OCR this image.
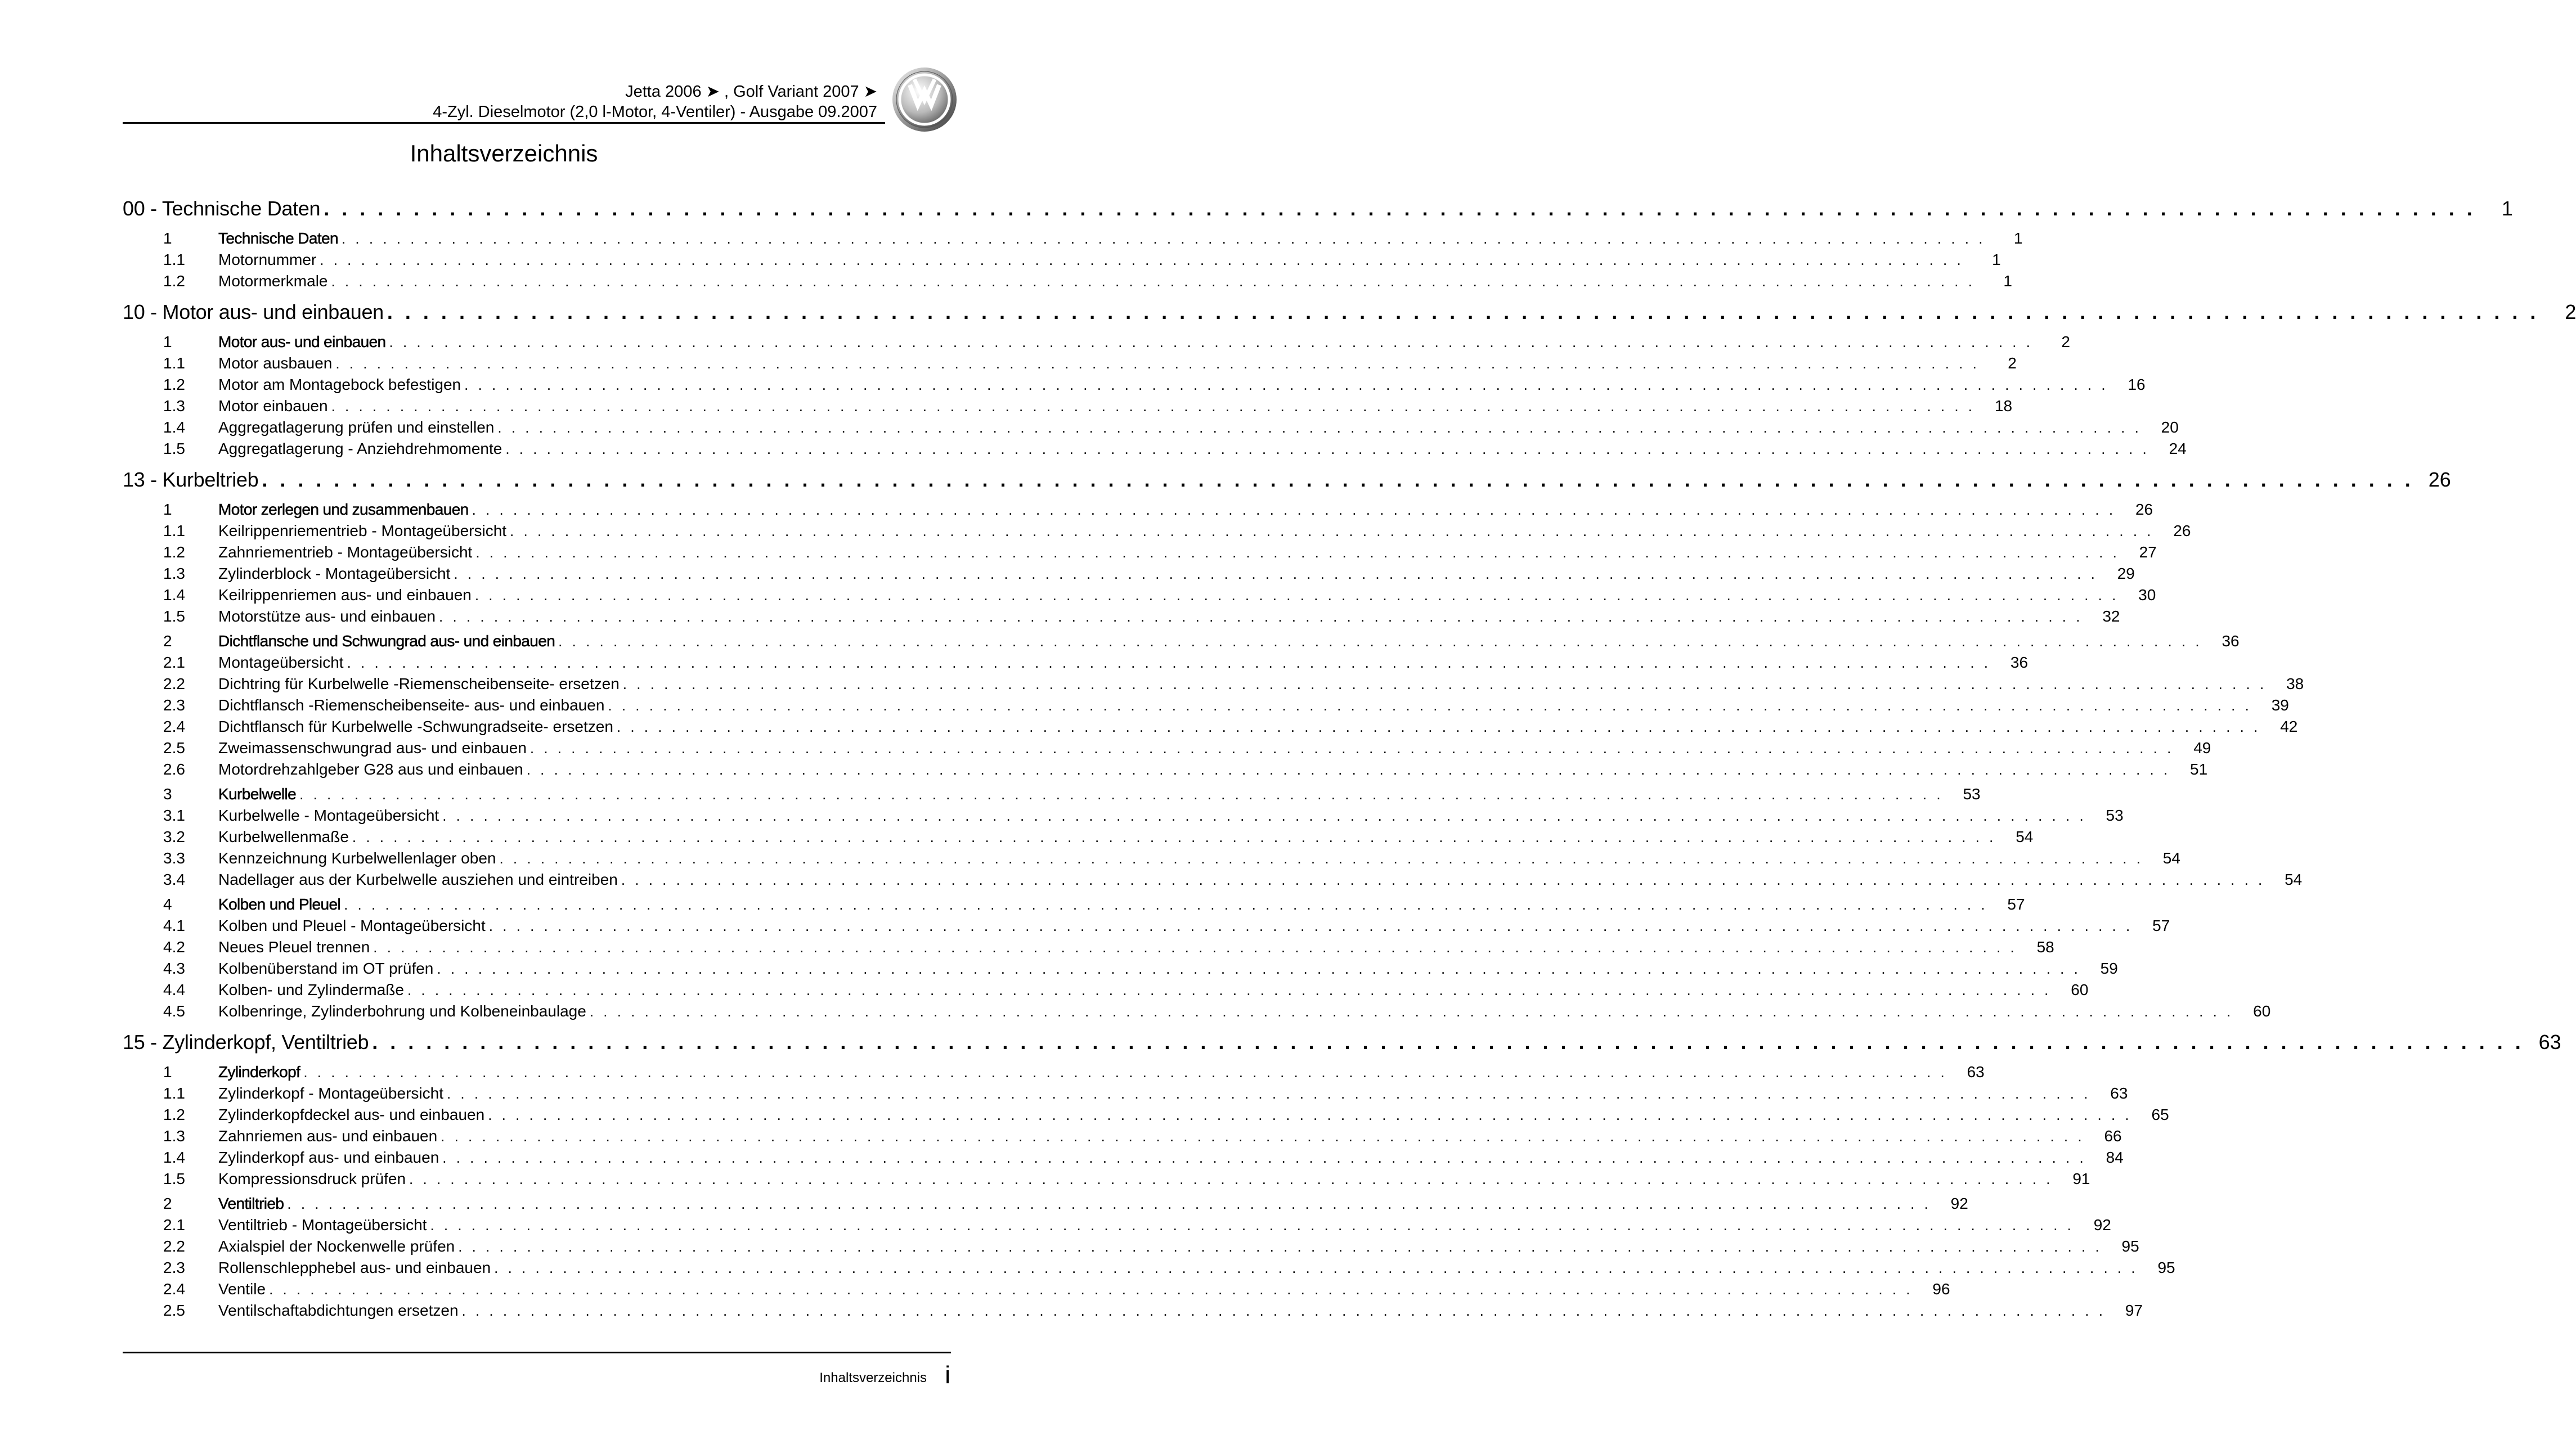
Jetta 2006 ➤ , Golf Variant 2007 ➤
4-Zyl. Dieselmotor (2,0 l-Motor, 4-Ventiler) - Ausgabe 09.2007
Inhaltsverzeichnis
00 - Technische Daten . . . . . . . . . . . . . . . . . . . . . . . . . . . . . . . . . . . . . . . . . . . . . . . . . . . . . . . . . . . . . . . . . . . . . . . . . . . . . . . . . . . . . . . . . . . . . . . . . . . . . . . . . . . . . . . . . . . . . . . .	1
1	Technische Daten . . . . . . . . . . . . . . . . . . . . . . . . . . . . . . . . . . . . . . . . . . . . . . . . . . . . . . . . . . . . . . . . . . . . . . . . . . . . . . . . . . . . . . . . . . . . . . . . . . . . . . . . . . . . . . . . . . . . . . . .	1
1.1	Motornummer . . . . . . . . . . . . . . . . . . . . . . . . . . . . . . . . . . . . . . . . . . . . . . . . . . . . . . . . . . . . . . . . . . . . . . . . . . . . . . . . . . . . . . . . . . . . . . . . . . . . . . . . . . . . . . . . . . . . . . . .	1
1.2	Motormerkmale . . . . . . . . . . . . . . . . . . . . . . . . . . . . . . . . . . . . . . . . . . . . . . . . . . . . . . . . . . . . . . . . . . . . . . . . . . . . . . . . . . . . . . . . . . . . . . . . . . . . . . . . . . . . . . . . . . . . . . . .	1
10 - Motor aus- und einbauen . . . . . . . . . . . . . . . . . . . . . . . . . . . . . . . . . . . . . . . . . . . . . . . . . . . . . . . . . . . . . . . . . . . . . . . . . . . . . . . . . . . . . . . . . . . . . . . . . . . . . . . . . . . . . . . . . . . . . . . .	2
1	Motor aus- und einbauen . . . . . . . . . . . . . . . . . . . . . . . . . . . . . . . . . . . . . . . . . . . . . . . . . . . . . . . . . . . . . . . . . . . . . . . . . . . . . . . . . . . . . . . . . . . . . . . . . . . . . . . . . . . . . . . . . . . . . . . .	2
1.1	Motor ausbauen . . . . . . . . . . . . . . . . . . . . . . . . . . . . . . . . . . . . . . . . . . . . . . . . . . . . . . . . . . . . . . . . . . . . . . . . . . . . . . . . . . . . . . . . . . . . . . . . . . . . . . . . . . . . . . . . . . . . . . . .	2
1.2	Motor am Montagebock befestigen . . . . . . . . . . . . . . . . . . . . . . . . . . . . . . . . . . . . . . . . . . . . . . . . . . . . . . . . . . . . . . . . . . . . . . . . . . . . . . . . . . . . . . . . . . . . . . . . . . . . . . . . . . . . . . . . . . . . . . . .	16
1.3	Motor einbauen . . . . . . . . . . . . . . . . . . . . . . . . . . . . . . . . . . . . . . . . . . . . . . . . . . . . . . . . . . . . . . . . . . . . . . . . . . . . . . . . . . . . . . . . . . . . . . . . . . . . . . . . . . . . . . . . . . . . . . . .	18
1.4	Aggregatlagerung prüfen und einstellen . . . . . . . . . . . . . . . . . . . . . . . . . . . . . . . . . . . . . . . . . . . . . . . . . . . . . . . . . . . . . . . . . . . . . . . . . . . . . . . . . . . . . . . . . . . . . . . . . . . . . . . . . . . . . . . . . . . . . . . .	20
1.5	Aggregatlagerung - Anziehdrehmomente . . . . . . . . . . . . . . . . . . . . . . . . . . . . . . . . . . . . . . . . . . . . . . . . . . . . . . . . . . . . . . . . . . . . . . . . . . . . . . . . . . . . . . . . . . . . . . . . . . . . . . . . . . . . . . . . . . . . . . . .	24
13 - Kurbeltrieb . . . . . . . . . . . . . . . . . . . . . . . . . . . . . . . . . . . . . . . . . . . . . . . . . . . . . . . . . . . . . . . . . . . . . . . . . . . . . . . . . . . . . . . . . . . . . . . . . . . . . . . . . . . . . . . . . . . . . . . . 26
1	Motor zerlegen und zusammenbauen . . . . . . . . . . . . . . . . . . . . . . . . . . . . . . . . . . . . . . . . . . . . . . . . . . . . . . . . . . . . . . . . . . . . . . . . . . . . . . . . . . . . . . . . . . . . . . . . . . . . . . . . . . . . . . . . . . . . . . . .	26
1.1	Keilrippenriementrieb - Montageübersicht . . . . . . . . . . . . . . . . . . . . . . . . . . . . . . . . . . . . . . . . . . . . . . . . . . . . . . . . . . . . . . . . . . . . . . . . . . . . . . . . . . . . . . . . . . . . . . . . . . . . . . . . . . . . . . . . . . . . . . . .	26
1.2	Zahnriementrieb - Montageübersicht . . . . . . . . . . . . . . . . . . . . . . . . . . . . . . . . . . . . . . . . . . . . . . . . . . . . . . . . . . . . . . . . . . . . . . . . . . . . . . . . . . . . . . . . . . . . . . . . . . . . . . . . . . . . . . . . . . . . . . . .	27
1.3	Zylinderblock - Montageübersicht . . . . . . . . . . . . . . . . . . . . . . . . . . . . . . . . . . . . . . . . . . . . . . . . . . . . . . . . . . . . . . . . . . . . . . . . . . . . . . . . . . . . . . . . . . . . . . . . . . . . . . . . . . . . . . . . . . . . . . . .	29
1.4	Keilrippenriemen aus- und einbauen . . . . . . . . . . . . . . . . . . . . . . . . . . . . . . . . . . . . . . . . . . . . . . . . . . . . . . . . . . . . . . . . . . . . . . . . . . . . . . . . . . . . . . . . . . . . . . . . . . . . . . . . . . . . . . . . . . . . . . . .	30
1.5	Motorstütze aus- und einbauen . . . . . . . . . . . . . . . . . . . . . . . . . . . . . . . . . . . . . . . . . . . . . . . . . . . . . . . . . . . . . . . . . . . . . . . . . . . . . . . . . . . . . . . . . . . . . . . . . . . . . . . . . . . . . . . . . . . . . . . .	32
2	Dichtflansche und Schwungrad aus- und einbauen . . . . . . . . . . . . . . . . . . . . . . . . . . . . . . . . . . . . . . . . . . . . . . . . . . . . . . . . . . . . . . . . . . . . . . . . . . . . . . . . . . . . . . . . . . . . . . . . . . . . . . . . . . . . . . . . . . . . . . . .	36
2.1	Montageübersicht . . . . . . . . . . . . . . . . . . . . . . . . . . . . . . . . . . . . . . . . . . . . . . . . . . . . . . . . . . . . . . . . . . . . . . . . . . . . . . . . . . . . . . . . . . . . . . . . . . . . . . . . . . . . . . . . . . . . . . . .	36
2.2	Dichtring für Kurbelwelle -Riemenscheibenseite- ersetzen . . . . . . . . . . . . . . . . . . . . . . . . . . . . . . . . . . . . . . . . . . . . . . . . . . . . . . . . . . . . . . . . . . . . . . . . . . . . . . . . . . . . . . . . . . . . . . . . . . . . . . . . . . . . . . . . . . . . . . . .	38
2.3	Dichtflansch -Riemenscheibenseite- aus- und einbauen . . . . . . . . . . . . . . . . . . . . . . . . . . . . . . . . . . . . . . . . . . . . . . . . . . . . . . . . . . . . . . . . . . . . . . . . . . . . . . . . . . . . . . . . . . . . . . . . . . . . . . . . . . . . . . . . . . . . . . . .	39
2.4	Dichtflansch für Kurbelwelle -Schwungradseite- ersetzen . . . . . . . . . . . . . . . . . . . . . . . . . . . . . . . . . . . . . . . . . . . . . . . . . . . . . . . . . . . . . . . . . . . . . . . . . . . . . . . . . . . . . . . . . . . . . . . . . . . . . . . . . . . . . . . . . . . . . . . .	42
2.5	Zweimassenschwungrad aus- und einbauen . . . . . . . . . . . . . . . . . . . . . . . . . . . . . . . . . . . . . . . . . . . . . . . . . . . . . . . . . . . . . . . . . . . . . . . . . . . . . . . . . . . . . . . . . . . . . . . . . . . . . . . . . . . . . . . . . . . . . . . .	49
2.6	Motordrehzahlgeber G28 aus und einbauen . . . . . . . . . . . . . . . . . . . . . . . . . . . . . . . . . . . . . . . . . . . . . . . . . . . . . . . . . . . . . . . . . . . . . . . . . . . . . . . . . . . . . . . . . . . . . . . . . . . . . . . . . . . . . . . . . . . . . . . .	51
3	Kurbelwelle . . . . . . . . . . . . . . . . . . . . . . . . . . . . . . . . . . . . . . . . . . . . . . . . . . . . . . . . . . . . . . . . . . . . . . . . . . . . . . . . . . . . . . . . . . . . . . . . . . . . . . . . . . . . . . . . . . . . . . . .	53
3.1	Kurbelwelle - Montageübersicht . . . . . . . . . . . . . . . . . . . . . . . . . . . . . . . . . . . . . . . . . . . . . . . . . . . . . . . . . . . . . . . . . . . . . . . . . . . . . . . . . . . . . . . . . . . . . . . . . . . . . . . . . . . . . . . . . . . . . . . .	53
3.2	Kurbelwellenmaße . . . . . . . . . . . . . . . . . . . . . . . . . . . . . . . . . . . . . . . . . . . . . . . . . . . . . . . . . . . . . . . . . . . . . . . . . . . . . . . . . . . . . . . . . . . . . . . . . . . . . . . . . . . . . . . . . . . . . . . .	54
3.3	Kennzeichnung Kurbelwellenlager oben . . . . . . . . . . . . . . . . . . . . . . . . . . . . . . . . . . . . . . . . . . . . . . . . . . . . . . . . . . . . . . . . . . . . . . . . . . . . . . . . . . . . . . . . . . . . . . . . . . . . . . . . . . . . . . . . . . . . . . . .	54
3.4	Nadellager aus der Kurbelwelle ausziehen und eintreiben . . . . . . . . . . . . . . . . . . . . . . . . . . . . . . . . . . . . . . . . . . . . . . . . . . . . . . . . . . . . . . . . . . . . . . . . . . . . . . . . . . . . . . . . . . . . . . . . . . . . . . . . . . . . . . . . . . . . . . . .	54
4	Kolben und Pleuel . . . . . . . . . . . . . . . . . . . . . . . . . . . . . . . . . . . . . . . . . . . . . . . . . . . . . . . . . . . . . . . . . . . . . . . . . . . . . . . . . . . . . . . . . . . . . . . . . . . . . . . . . . . . . . . . . . . . . . . .	57
4.1	Kolben und Pleuel - Montageübersicht . . . . . . . . . . . . . . . . . . . . . . . . . . . . . . . . . . . . . . . . . . . . . . . . . . . . . . . . . . . . . . . . . . . . . . . . . . . . . . . . . . . . . . . . . . . . . . . . . . . . . . . . . . . . . . . . . . . . . . . .	57
4.2	Neues Pleuel trennen . . . . . . . . . . . . . . . . . . . . . . . . . . . . . . . . . . . . . . . . . . . . . . . . . . . . . . . . . . . . . . . . . . . . . . . . . . . . . . . . . . . . . . . . . . . . . . . . . . . . . . . . . . . . . . . . . . . . . . . .	58
4.3	Kolbenüberstand im OT prüfen . . . . . . . . . . . . . . . . . . . . . . . . . . . . . . . . . . . . . . . . . . . . . . . . . . . . . . . . . . . . . . . . . . . . . . . . . . . . . . . . . . . . . . . . . . . . . . . . . . . . . . . . . . . . . . . . . . . . . . . .	59
4.4	Kolben- und Zylindermaße . . . . . . . . . . . . . . . . . . . . . . . . . . . . . . . . . . . . . . . . . . . . . . . . . . . . . . . . . . . . . . . . . . . . . . . . . . . . . . . . . . . . . . . . . . . . . . . . . . . . . . . . . . . . . . . . . . . . . . . .	60
4.5	Kolbenringe, Zylinderbohrung und Kolbeneinbaulage . . . . . . . . . . . . . . . . . . . . . . . . . . . . . . . . . . . . . . . . . . . . . . . . . . . . . . . . . . . . . . . . . . . . . . . . . . . . . . . . . . . . . . . . . . . . . . . . . . . . . . . . . . . . . . . . . . . . . . . .	60
15 - Zylinderkopf, Ventiltrieb . . . . . . . . . . . . . . . . . . . . . . . . . . . . . . . . . . . . . . . . . . . . . . . . . . . . . . . . . . . . . . . . . . . . . . . . . . . . . . . . . . . . . . . . . . . . . . . . . . . . . . . . . . . . . . . . . . . . . . . . 63
1	Zylinderkopf . . . . . . . . . . . . . . . . . . . . . . . . . . . . . . . . . . . . . . . . . . . . . . . . . . . . . . . . . . . . . . . . . . . . . . . . . . . . . . . . . . . . . . . . . . . . . . . . . . . . . . . . . . . . . . . . . . . . . . . .	63
1.1	Zylinderkopf - Montageübersicht . . . . . . . . . . . . . . . . . . . . . . . . . . . . . . . . . . . . . . . . . . . . . . . . . . . . . . . . . . . . . . . . . . . . . . . . . . . . . . . . . . . . . . . . . . . . . . . . . . . . . . . . . . . . . . . . . . . . . . . .	63
1.2	Zylinderkopfdeckel aus- und einbauen . . . . . . . . . . . . . . . . . . . . . . . . . . . . . . . . . . . . . . . . . . . . . . . . . . . . . . . . . . . . . . . . . . . . . . . . . . . . . . . . . . . . . . . . . . . . . . . . . . . . . . . . . . . . . . . . . . . . . . . .	65
1.3	Zahnriemen aus- und einbauen . . . . . . . . . . . . . . . . . . . . . . . . . . . . . . . . . . . . . . . . . . . . . . . . . . . . . . . . . . . . . . . . . . . . . . . . . . . . . . . . . . . . . . . . . . . . . . . . . . . . . . . . . . . . . . . . . . . . . . . .	66
1.4	Zylinderkopf aus- und einbauen . . . . . . . . . . . . . . . . . . . . . . . . . . . . . . . . . . . . . . . . . . . . . . . . . . . . . . . . . . . . . . . . . . . . . . . . . . . . . . . . . . . . . . . . . . . . . . . . . . . . . . . . . . . . . . . . . . . . . . . .	84
1.5	Kompressionsdruck prüfen . . . . . . . . . . . . . . . . . . . . . . . . . . . . . . . . . . . . . . . . . . . . . . . . . . . . . . . . . . . . . . . . . . . . . . . . . . . . . . . . . . . . . . . . . . . . . . . . . . . . . . . . . . . . . . . . . . . . . . . .	91
2	Ventiltrieb . . . . . . . . . . . . . . . . . . . . . . . . . . . . . . . . . . . . . . . . . . . . . . . . . . . . . . . . . . . . . . . . . . . . . . . . . . . . . . . . . . . . . . . . . . . . . . . . . . . . . . . . . . . . . . . . . . . . . . . .	92
2.1	Ventiltrieb - Montageübersicht . . . . . . . . . . . . . . . . . . . . . . . . . . . . . . . . . . . . . . . . . . . . . . . . . . . . . . . . . . . . . . . . . . . . . . . . . . . . . . . . . . . . . . . . . . . . . . . . . . . . . . . . . . . . . . . . . . . . . . . .	92
2.2	Axialspiel der Nockenwelle prüfen . . . . . . . . . . . . . . . . . . . . . . . . . . . . . . . . . . . . . . . . . . . . . . . . . . . . . . . . . . . . . . . . . . . . . . . . . . . . . . . . . . . . . . . . . . . . . . . . . . . . . . . . . . . . . . . . . . . . . . . .	95
2.3	Rollenschlepphebel aus- und einbauen . . . . . . . . . . . . . . . . . . . . . . . . . . . . . . . . . . . . . . . . . . . . . . . . . . . . . . . . . . . . . . . . . . . . . . . . . . . . . . . . . . . . . . . . . . . . . . . . . . . . . . . . . . . . . . . . . . . . . . . .	95
2.4	Ventile . . . . . . . . . . . . . . . . . . . . . . . . . . . . . . . . . . . . . . . . . . . . . . . . . . . . . . . . . . . . . . . . . . . . . . . . . . . . . . . . . . . . . . . . . . . . . . . . . . . . . . . . . . . . . . . . . . . . . . . .	96
2.5	Ventilschaftabdichtungen ersetzen . . . . . . . . . . . . . . . . . . . . . . . . . . . . . . . . . . . . . . . . . . . . . . . . . . . . . . . . . . . . . . . . . . . . . . . . . . . . . . . . . . . . . . . . . . . . . . . . . . . . . . . . . . . . . . . . . . . . . . . .	97
Inhaltsverzeichnis i
